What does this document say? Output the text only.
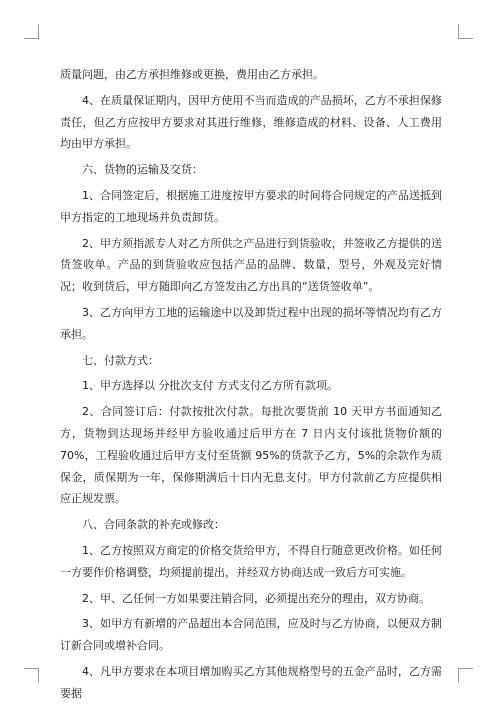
质量问题，由乙方承担维修或更换，费用由乙方承担。

4、在质量保证期内，因甲方使用不当而造成的产品损坏，乙方不承担保修责任，但乙方应按甲方要求对其进行维修，维修造成的材料、设备、人工费用均由甲方承担。

六、货物的运输及交货：

1、合同签定后，根据施工进度按甲方要求的时间将合同规定的产品送抵到甲方指定的工地现场并负责卸货。

2、甲方须指派专人对乙方所供之产品进行到货验收，并签收乙方提供的送货签收单。产品的到货验收应包括产品的品牌、数量，型号，外观及完好情况；收到货后，甲方随即向乙方签发由乙方出具的“送货签收单”。

3、乙方向甲方工地的运输途中以及卸货过程中出现的损坏等情况均有乙方承担。

七、付款方式：

1、甲方选择以 分批次支付 方式支付乙方所有款项。

2、合同签订后：付款按批次付款。每批次要货前 10 天甲方书面通知乙方，货物到达现场并经甲方验收通过后甲方在 7 日内支付该批货物价额的 70%，工程验收通过后甲方支付至货额 95%的货款予乙方，5%的余款作为质保金，质保期为一年，保修期满后十日内无息支付。甲方付款前乙方应提供相应正规发票。

八、合同条款的补充或修改：

1、乙方按照双方商定的价格交货给甲方，不得自行随意更改价格。如任何一方要作价格调整，均须提前提出，并经双方协商达成一致后方可实施。

2、甲、乙任何一方如果要注销合同，必须提出充分的理由，双方协商。

3、如甲方有新增的产品超出本合同范围，应及时与乙方协商，以便双方制订新合同或增补合同。

4、凡甲方要求在本项目增加购买乙方其他规格型号的五金产品时，乙方需要据
